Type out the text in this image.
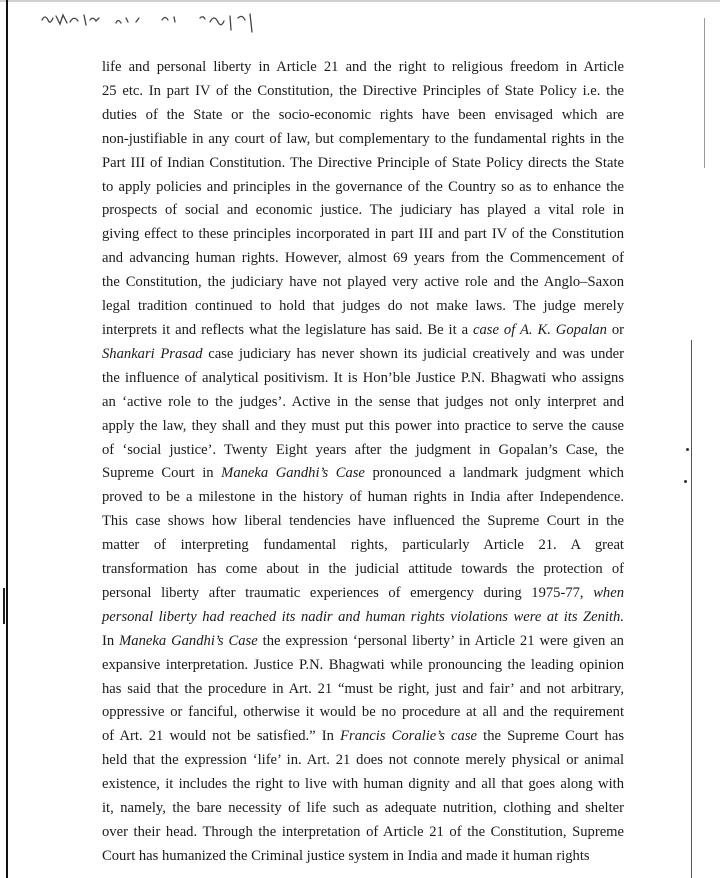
life and personal liberty in Article 21 and the right to religious freedom in Article
25 etc. In part IV of the Constitution, the Directive Principles of State Policy i.e. the
duties of the State or the socio-economic rights have been envisaged which are
non-justifiable in any court of law, but complementary to the fundamental rights in the
Part III of Indian Constitution. The Directive Principle of State Policy directs the State
to apply policies and principles in the governance of the Country so as to enhance the
prospects of social and economic justice. The judiciary has played a vital role in
giving effect to these principles incorporated in part III and part IV of the Constitution
and advancing human rights. However, almost 69 years from the Commencement of
the Constitution, the judiciary have not played very active role and the Anglo–Saxon
legal tradition continued to hold that judges do not make laws. The judge merely
interprets it and reflects what the legislature has said. Be it a case of A. K. Gopalan or
Shankari Prasad case judiciary has never shown its judicial creatively and was under
the influence of analytical positivism. It is Hon’ble Justice P.N. Bhagwati who assigns
an ‘active role to the judges’. Active in the sense that judges not only interpret and
apply the law, they shall and they must put this power into practice to serve the cause
of ‘social justice’. Twenty Eight years after the judgment in Gopalan’s Case, the
Supreme Court in Maneka Gandhi’s Case pronounced a landmark judgment which
proved to be a milestone in the history of human rights in India after Independence.
This case shows how liberal tendencies have influenced the Supreme Court in the
matter of interpreting fundamental rights, particularly Article 21. A great
transformation has come about in the judicial attitude towards the protection of
personal liberty after traumatic experiences of emergency during 1975-77, when
personal liberty had reached its nadir and human rights violations were at its Zenith.
In Maneka Gandhi’s Case the expression ‘personal liberty’ in Article 21 were given an
expansive interpretation. Justice P.N. Bhagwati while pronouncing the leading opinion
has said that the procedure in Art. 21 “must be right, just and fair’ and not arbitrary,
oppressive or fanciful, otherwise it would be no procedure at all and the requirement
of Art. 21 would not be satisfied.” In Francis Coralie’s case the Supreme Court has
held that the expression ‘life’ in. Art. 21 does not connote merely physical or animal
existence, it includes the right to live with human dignity and all that goes along with
it, namely, the bare necessity of life such as adequate nutrition, clothing and shelter
over their head. Through the interpretation of Article 21 of the Constitution, Supreme
Court has humanized the Criminal justice system in India and made it human rights
